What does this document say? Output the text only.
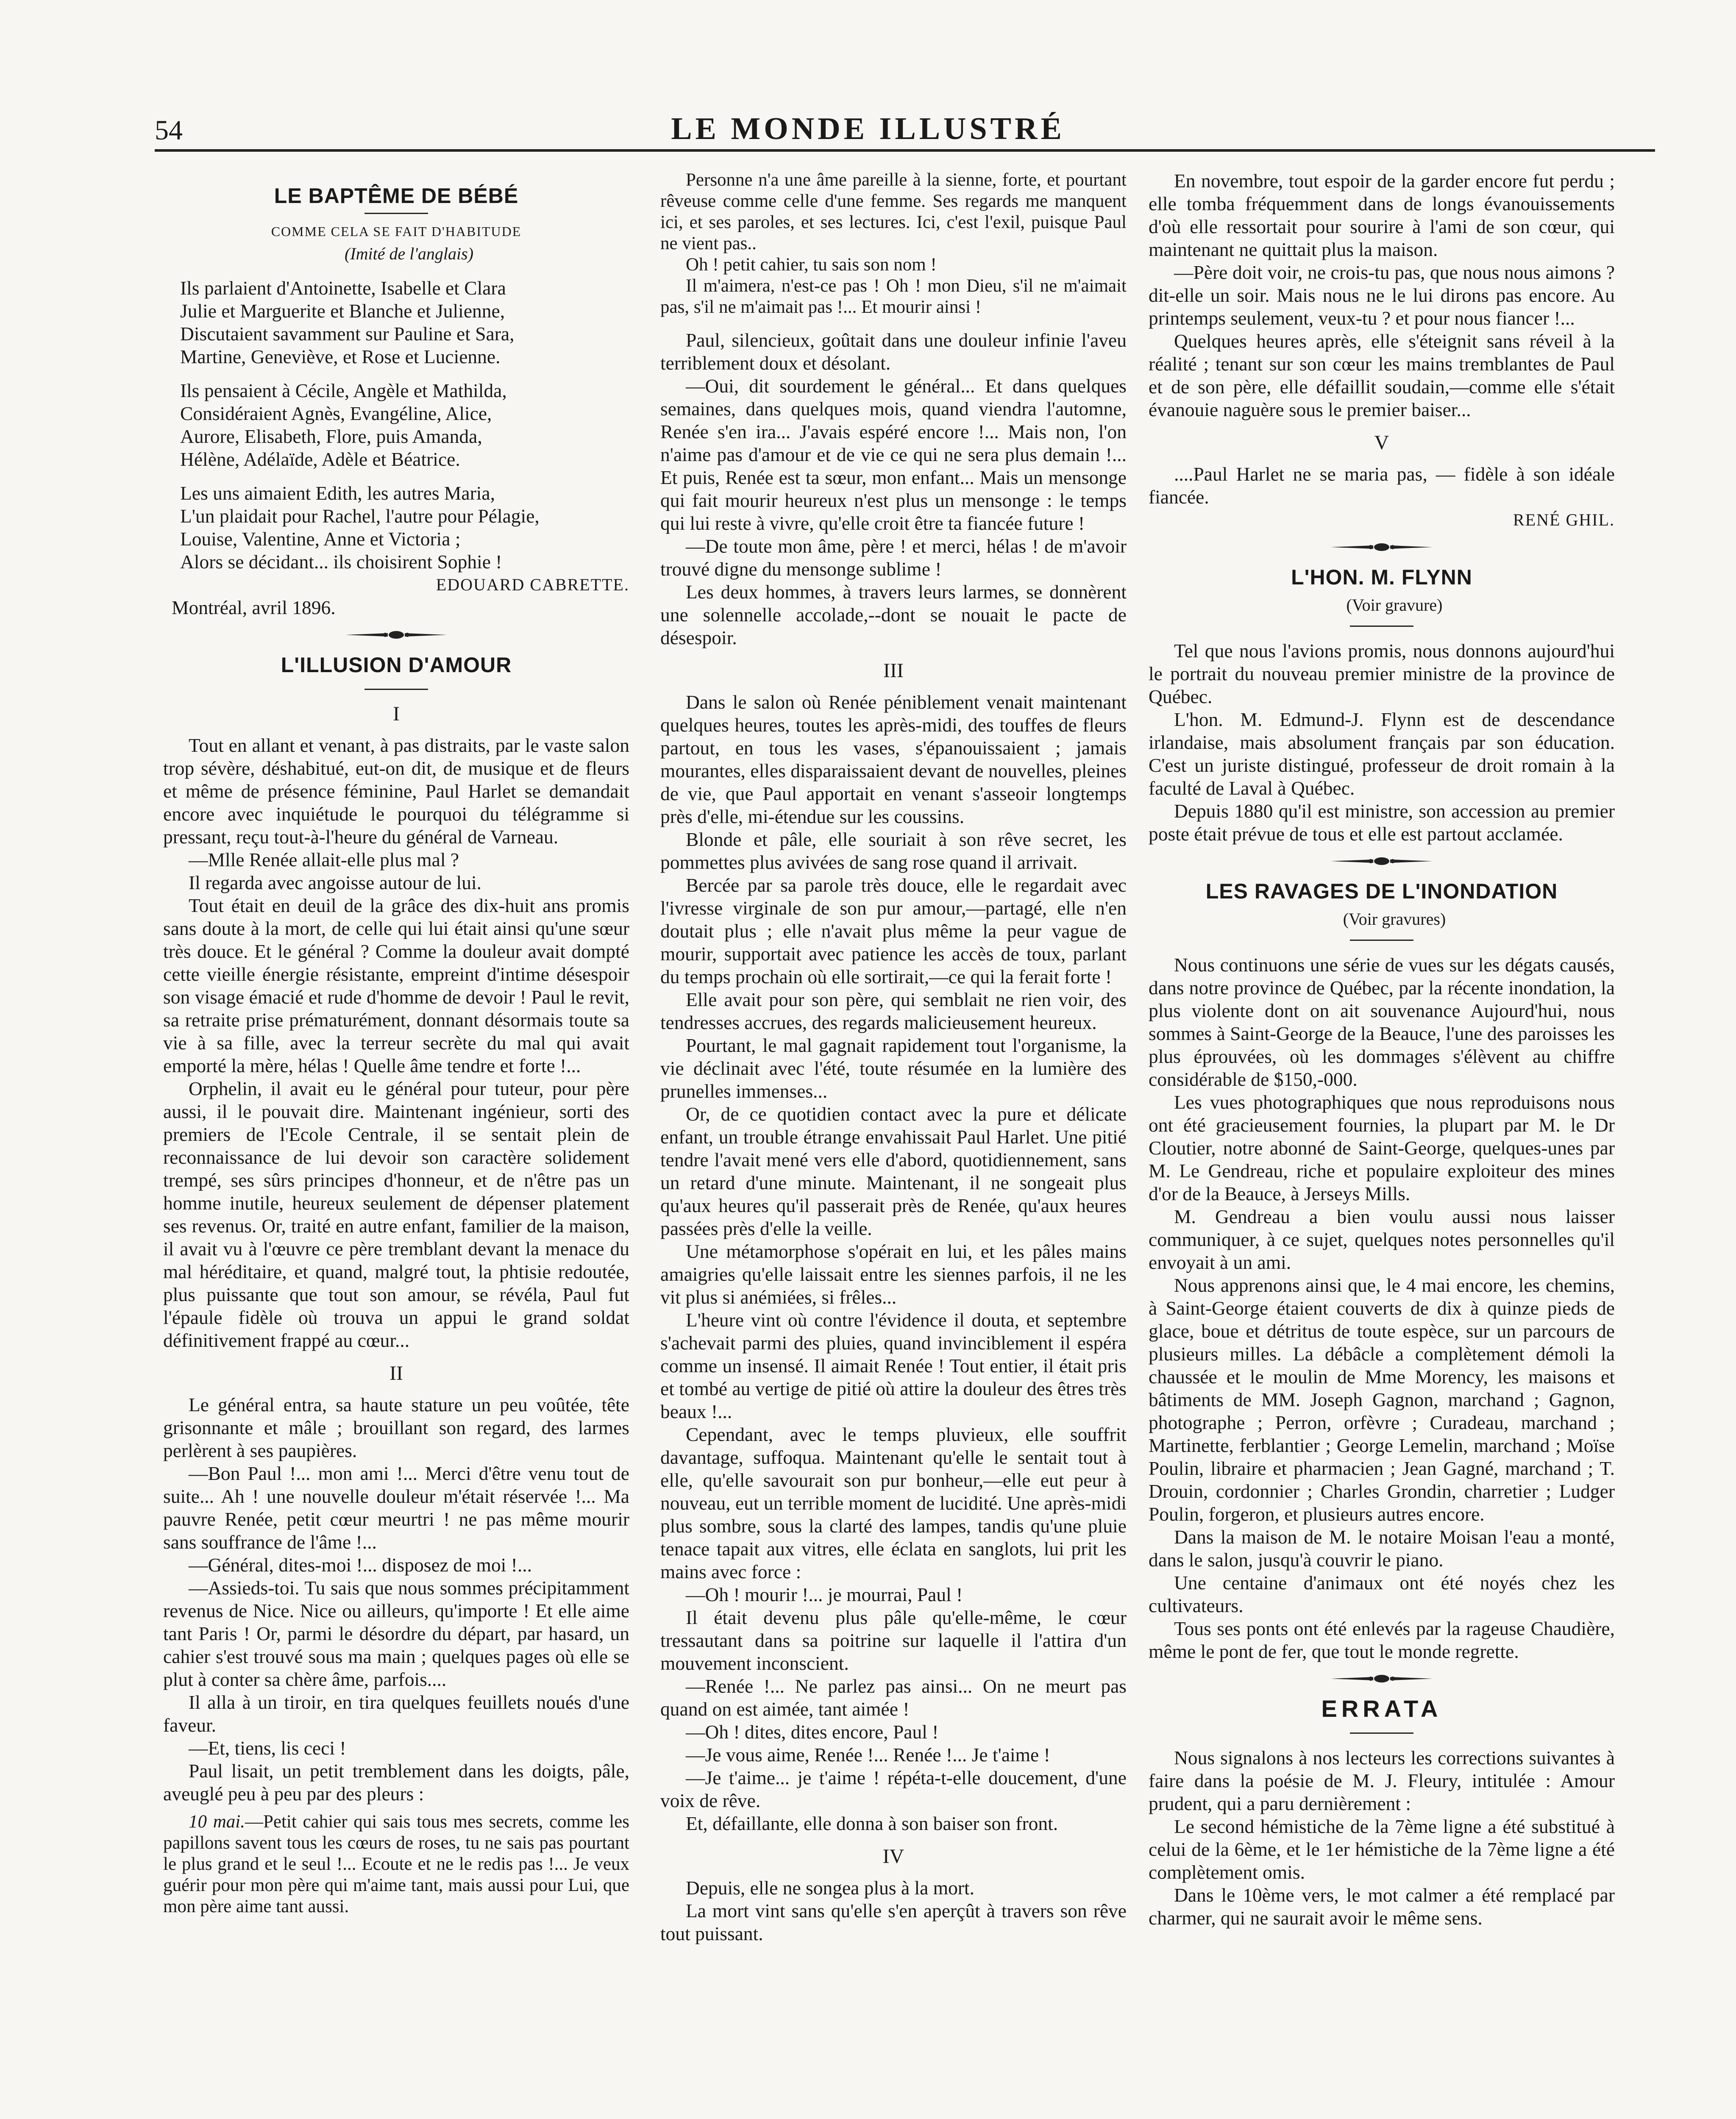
54	LE MONDE ILLUSTRÉ
LE BAPTÊME DE BÉBÉ
COMME CELA SE FAIT D'HABITUDE

(Imité de l'anglais)

Ils parlaient d'Antoinette, Isabelle et Clara

Julie et Marguerite et Blanche et Julienne,

Discutaient savamment sur Pauline et Sara,

Martine, Geneviève, et Rose et Lucienne.

Ils pensaient à Cécile, Angèle et Mathilda,

Considéraient Agnès, Evangéline, Alice,

Aurore, Elisabeth, Flore, puis Amanda,

Hélène, Adélaïde, Adèle et Béatrice.

Les uns aimaient Edith, les autres Maria,

L'un plaidait pour Rachel, l'autre pour Pélagie,

Louise, Valentine, Anne et Victoria ;

Alors se décidant... ils choisirent Sophie !

EDOUARD CABRETTE.

Montréal, avril 1896.

L'ILLUSION D'AMOUR
I

Tout en allant et venant, à pas distraits, par le vaste salon trop sévère, déshabitué, eut-on dit, de musique et de fleurs et même de présence féminine, Paul Harlet se demandait encore avec inquiétude le pourquoi du télégramme si pressant, reçu tout-à-l'heure du général de Varneau.

—Mlle Renée allait-elle plus mal ?

Il regarda avec angoisse autour de lui.

Tout était en deuil de la grâce des dix-huit ans promis sans doute à la mort, de celle qui lui était ainsi qu'une sœur très douce. Et le général ? Comme la douleur avait dompté cette vieille énergie résistante, empreint d'intime désespoir son visage émacié et rude d'homme de devoir ! Paul le revit, sa retraite prise prématurément, donnant désormais toute sa vie à sa fille, avec la terreur secrète du mal qui avait emporté la mère, hélas ! Quelle âme tendre et forte !...

Orphelin, il avait eu le général pour tuteur, pour père aussi, il le pouvait dire. Maintenant ingénieur, sorti des premiers de l'Ecole Centrale, il se sentait plein de reconnaissance de lui devoir son caractère solidement trempé, ses sûrs principes d'honneur, et de n'être pas un homme inutile, heureux seulement de dépenser platement ses revenus. Or, traité en autre enfant, familier de la maison, il avait vu à l'œuvre ce père tremblant devant la menace du mal héréditaire, et quand, malgré tout, la phtisie redoutée, plus puissante que tout son amour, se révéla, Paul fut l'épaule fidèle où trouva un appui le grand soldat définitivement frappé au cœur...

II

Le général entra, sa haute stature un peu voûtée, tête grisonnante et mâle ; brouillant son regard, des larmes perlèrent à ses paupières.

—Bon Paul !... mon ami !... Merci d'être venu tout de suite... Ah ! une nouvelle douleur m'était réservée !... Ma pauvre Renée, petit cœur meurtri ! ne pas même mourir sans souffrance de l'âme !...

—Général, dites-moi !... disposez de moi !...

—Assieds-toi. Tu sais que nous sommes précipitamment revenus de Nice. Nice ou ailleurs, qu'importe ! Et elle aime tant Paris ! Or, parmi le désordre du départ, par hasard, un cahier s'est trouvé sous ma main ; quelques pages où elle se plut à conter sa chère âme, parfois....

Il alla à un tiroir, en tira quelques feuillets noués d'une faveur.

—Et, tiens, lis ceci !

Paul lisait, un petit tremblement dans les doigts, pâle, aveuglé peu à peu par des pleurs :

10 mai.—Petit cahier qui sais tous mes secrets, comme les papillons savent tous les cœurs de roses, tu ne sais pas pourtant le plus grand et le seul !... Ecoute et ne le redis pas !... Je veux guérir pour mon père qui m'aime tant, mais aussi pour Lui, que mon père aime tant aussi.

Personne n'a une âme pareille à la sienne, forte, et pourtant rêveuse comme celle d'une femme. Ses regards me manquent ici, et ses paroles, et ses lectures. Ici, c'est l'exil, puisque Paul ne vient pas..

Oh ! petit cahier, tu sais son nom !

Il m'aimera, n'est-ce pas ! Oh ! mon Dieu, s'il ne m'aimait pas, s'il ne m'aimait pas !... Et mourir ainsi !

Paul, silencieux, goûtait dans une douleur infinie l'aveu terriblement doux et désolant.

—Oui, dit sourdement le général... Et dans quelques semaines, dans quelques mois, quand viendra l'automne, Renée s'en ira... J'avais espéré encore !... Mais non, l'on n'aime pas d'amour et de vie ce qui ne sera plus demain !... Et puis, Renée est ta sœur, mon enfant... Mais un mensonge qui fait mourir heureux n'est plus un mensonge : le temps qui lui reste à vivre, qu'elle croit être ta fiancée future !

—De toute mon âme, père ! et merci, hélas ! de m'avoir trouvé digne du mensonge sublime !

Les deux hommes, à travers leurs larmes, se donnèrent une solennelle accolade,--dont se nouait le pacte de désespoir.

III

Dans le salon où Renée péniblement venait maintenant quelques heures, toutes les après-midi, des touffes de fleurs partout, en tous les vases, s'épanouissaient ; jamais mourantes, elles disparaissaient devant de nouvelles, pleines de vie, que Paul apportait en venant s'asseoir longtemps près d'elle, mi-étendue sur les coussins.

Blonde et pâle, elle souriait à son rêve secret, les pommettes plus avivées de sang rose quand il arrivait.

Bercée par sa parole très douce, elle le regardait avec l'ivresse virginale de son pur amour,—partagé, elle n'en doutait plus ; elle n'avait plus même la peur vague de mourir, supportait avec patience les accès de toux, parlant du temps prochain où elle sortirait,—ce qui la ferait forte !

Elle avait pour son père, qui semblait ne rien voir, des tendresses accrues, des regards malicieusement heureux.

Pourtant, le mal gagnait rapidement tout l'organisme, la vie déclinait avec l'été, toute résumée en la lumière des prunelles immenses...

Or, de ce quotidien contact avec la pure et délicate enfant, un trouble étrange envahissait Paul Harlet. Une pitié tendre l'avait mené vers elle d'abord, quotidiennement, sans un retard d'une minute. Maintenant, il ne songeait plus qu'aux heures qu'il passerait près de Renée, qu'aux heures passées près d'elle la veille.

Une métamorphose s'opérait en lui, et les pâles mains amaigries qu'elle laissait entre les siennes parfois, il ne les vit plus si anémiées, si frêles...

L'heure vint où contre l'évidence il douta, et septembre s'achevait parmi des pluies, quand invinciblement il espéra comme un insensé. Il aimait Renée ! Tout entier, il était pris et tombé au vertige de pitié où attire la douleur des êtres très beaux !...

Cependant, avec le temps pluvieux, elle souffrit davantage, suffoqua. Maintenant qu'elle le sentait tout à elle, qu'elle savourait son pur bonheur,—elle eut peur à nouveau, eut un terrible moment de lucidité. Une après-midi plus sombre, sous la clarté des lampes, tandis qu'une pluie tenace tapait aux vitres, elle éclata en sanglots, lui prit les mains avec force :

—Oh ! mourir !... je mourrai, Paul !

Il était devenu plus pâle qu'elle-même, le cœur tressautant dans sa poitrine sur laquelle il l'attira d'un mouvement inconscient.

—Renée !... Ne parlez pas ainsi... On ne meurt pas quand on est aimée, tant aimée !

—Oh ! dites, dites encore, Paul !

—Je vous aime, Renée !... Renée !... Je t'aime !

—Je t'aime... je t'aime ! répéta-t-elle doucement, d'une voix de rêve.

Et, défaillante, elle donna à son baiser son front.

IV

Depuis, elle ne songea plus à la mort.

La mort vint sans qu'elle s'en aperçût à travers son rêve tout puissant.

En novembre, tout espoir de la garder encore fut perdu ; elle tomba fréquemment dans de longs évanouissements d'où elle ressortait pour sourire à l'ami de son cœur, qui maintenant ne quittait plus la maison.

—Père doit voir, ne crois-tu pas, que nous nous aimons ? dit-elle un soir. Mais nous ne le lui dirons pas encore. Au printemps seulement, veux-tu ? et pour nous fiancer !...

Quelques heures après, elle s'éteignit sans réveil à la réalité ; tenant sur son cœur les mains tremblantes de Paul et de son père, elle défaillit soudain,—comme elle s'était évanouie naguère sous le premier baiser...

V

....Paul Harlet ne se maria pas, — fidèle à son idéale fiancée.

RENÉ GHIL.

L'HON. M. FLYNN

(Voir gravure)

Tel que nous l'avions promis, nous donnons aujourd'hui le portrait du nouveau premier ministre de la province de Québec.

L'hon. M. Edmund-J. Flynn est de descendance irlandaise, mais absolument français par son éducation. C'est un juriste distingué, professeur de droit romain à la faculté de Laval à Québec.

Depuis 1880 qu'il est ministre, son accession au premier poste était prévue de tous et elle est partout acclamée.

LES RAVAGES DE L'INONDATION

(Voir gravures)

Nous continuons une série de vues sur les dégats causés, dans notre province de Québec, par la récente inondation, la plus violente dont on ait souvenance Aujourd'hui, nous sommes à Saint-George de la Beauce, l'une des paroisses les plus éprouvées, où les dommages s'élèvent au chiffre considérable de $150,-000.

Les vues photographiques que nous reproduisons nous ont été gracieusement fournies, la plupart par M. le Dr Cloutier, notre abonné de Saint-George, quelques-unes par M. Le Gendreau, riche et populaire exploiteur des mines d'or de la Beauce, à Jerseys Mills.

M. Gendreau a bien voulu aussi nous laisser communiquer, à ce sujet, quelques notes personnelles qu'il envoyait à un ami.

Nous apprenons ainsi que, le 4 mai encore, les chemins, à Saint-George étaient couverts de dix à quinze pieds de glace, boue et détritus de toute espèce, sur un parcours de plusieurs milles. La débâcle a complètement démoli la chaussée et le moulin de Mme Morency, les maisons et bâtiments de MM. Joseph Gagnon, marchand ; Gagnon, photographe ; Perron, orfèvre ; Curadeau, marchand ; Martinette, ferblantier ; George Lemelin, marchand ; Moïse Poulin, libraire et pharmacien ; Jean Gagné, marchand ; T. Drouin, cordonnier ; Charles Grondin, charretier ; Ludger Poulin, forgeron, et plusieurs autres encore.

Dans la maison de M. le notaire Moisan l'eau a monté, dans le salon, jusqu'à couvrir le piano.

Une centaine d'animaux ont été noyés chez les cultivateurs.

Tous ses ponts ont été enlevés par la rageuse Chaudière, même le pont de fer, que tout le monde regrette.

ERRATA

Nous signalons à nos lecteurs les corrections suivantes à faire dans la poésie de M. J. Fleury, intitulée : Amour prudent, qui a paru dernièrement :

Le second hémistiche de la 7ème ligne a été substitué à celui de la 6ème, et le 1er hémistiche de la 7ème ligne a été complètement omis.

Dans le 10ème vers, le mot calmer a été remplacé par charmer, qui ne saurait avoir le même sens.
